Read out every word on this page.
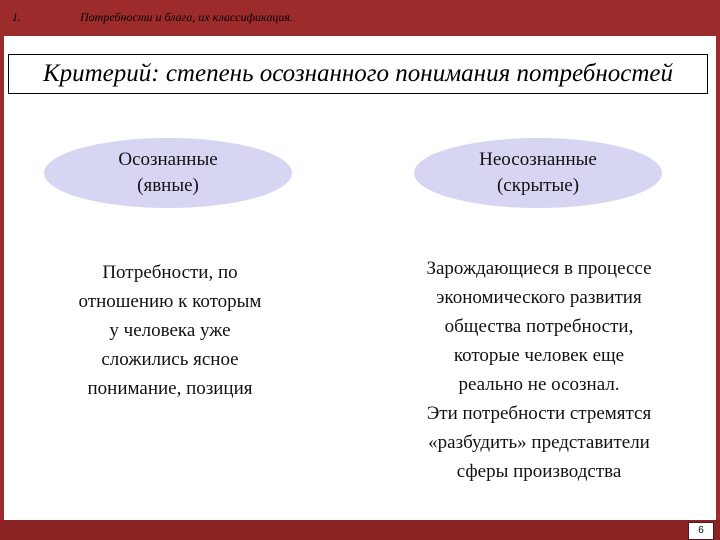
1.	Потребности и блага, их классификация.
6
Критерий: степень осознанного понимания потребностей
Осознанные
(явные)
Неосознанные
(скрытые)
Потребности, по
отношению к которым
у человека уже
сложились ясное
понимание, позиция
Зарождающиеся в процессе
экономического развития
общества потребности,
которые человек еще
реально не осознал.
Эти потребности стремятся
«разбудить» представители
сферы производства
